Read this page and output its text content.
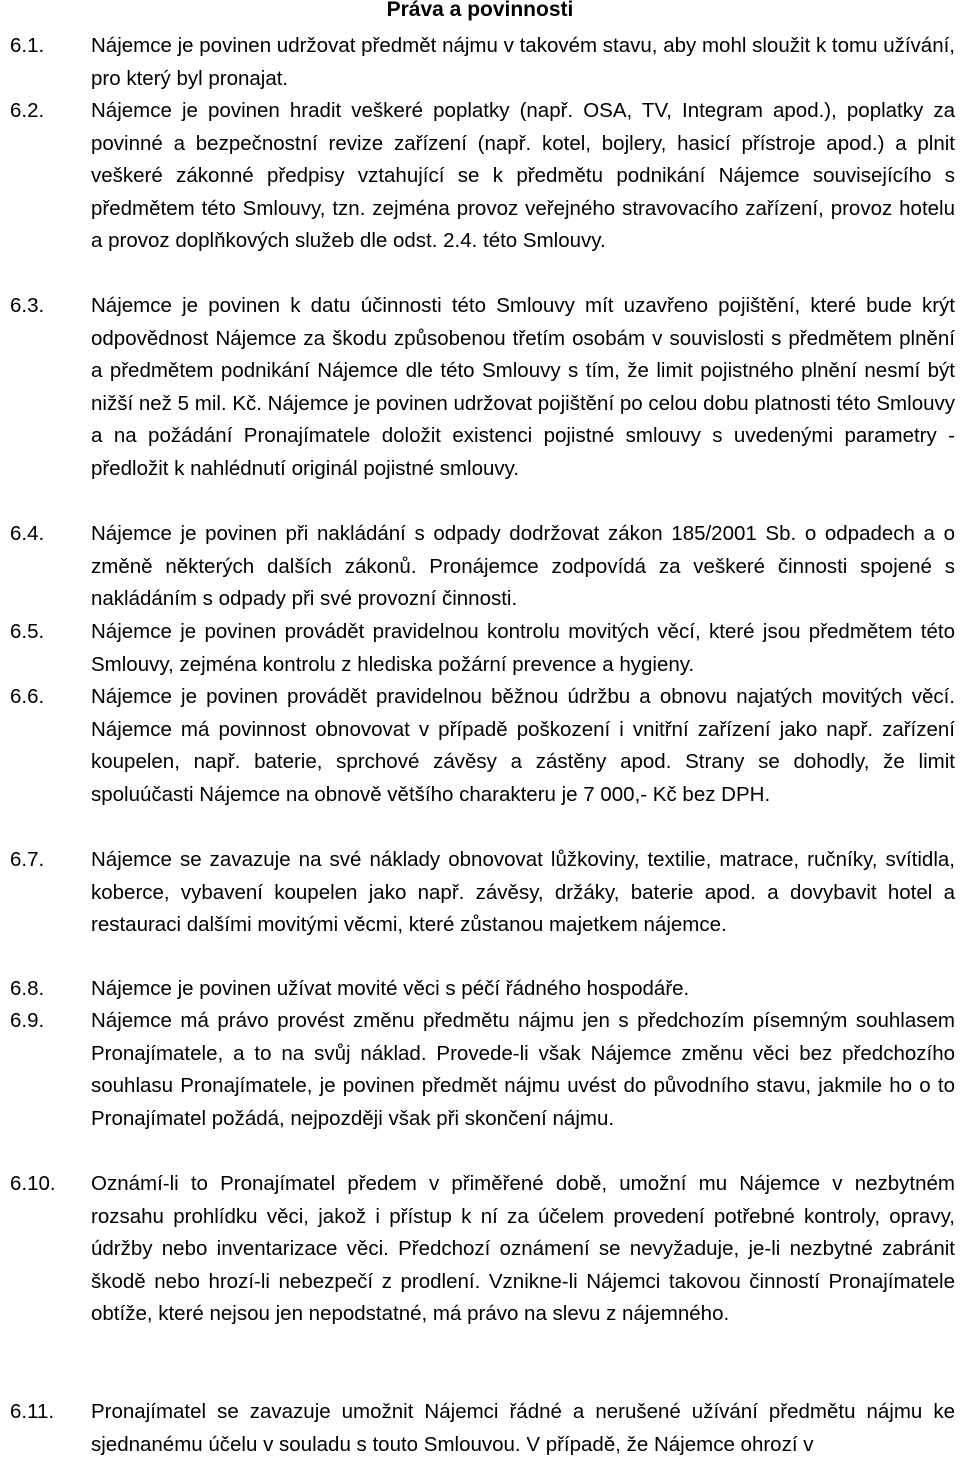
Práva a povinnosti
6.1. Nájemce je povinen udržovat předmět nájmu v takovém stavu, aby mohl sloužit k tomu užívání, pro který byl pronajat.
6.2. Nájemce je povinen hradit veškeré poplatky (např. OSA, TV, Integram apod.), poplatky za povinné a bezpečnostní revize zařízení (např. kotel, bojlery, hasicí přístroje apod.) a plnit veškeré zákonné předpisy vztahující se k předmětu podnikání Nájemce souvisejícího s předmětem této Smlouvy, tzn. zejména provoz veřejného stravovacího zařízení, provoz hotelu a provoz doplňkových služeb dle odst. 2.4. této Smlouvy.
6.3. Nájemce je povinen k datu účinnosti této Smlouvy mít uzavřeno pojištění, které bude krýt odpovědnost Nájemce za škodu způsobenou třetím osobám v souvislosti s předmětem plnění a předmětem podnikání Nájemce dle této Smlouvy s tím, že limit pojistného plnění nesmí být nižší než 5 mil. Kč. Nájemce je povinen udržovat pojištění po celou dobu platnosti této Smlouvy a na požádání Pronajímatele doložit existenci pojistné smlouvy s uvedenými parametry - předložit k nahlédnutí originál pojistné smlouvy.
6.4. Nájemce je povinen při nakládání s odpady dodržovat zákon 185/2001 Sb. o odpadech a o změně některých dalších zákonů. Pronájemce zodpovídá za veškeré činnosti spojené s nakládáním s odpady při své provozní činnosti.
6.5. Nájemce je povinen provádět pravidelnou kontrolu movitých věcí, které jsou předmětem této Smlouvy, zejména kontrolu z hlediska požární prevence a hygieny.
6.6. Nájemce je povinen provádět pravidelnou běžnou údržbu a obnovu najatých movitých věcí. Nájemce má povinnost obnovovat v případě poškození i vnitřní zařízení jako např. zařízení koupelen, např. baterie, sprchové závěsy a zástěny apod. Strany se dohodly, že limit spoluúčasti Nájemce na obnově většího charakteru je 7 000,- Kč bez DPH.
6.7. Nájemce se zavazuje na své náklady obnovovat lůžkoviny, textilie, matrace, ručníky, svítidla, koberce, vybavení koupelen jako např. závěsy, držáky, baterie apod. a dovybavit hotel a restauraci dalšími movitými věcmi, které zůstanou majetkem nájemce.
6.8. Nájemce je povinen užívat movité věci s péčí řádného hospodáře.
6.9. Nájemce má právo provést změnu předmětu nájmu jen s předchozím písemným souhlasem Pronajímatele, a to na svůj náklad. Provede-li však Nájemce změnu věci bez předchozího souhlasu Pronajímatele, je povinen předmět nájmu uvést do původního stavu, jakmile ho o to Pronajímatel požádá, nejpozději však při skončení nájmu.
6.10. Oznámí-li to Pronajímatel předem v přiměřené době, umožní mu Nájemce v nezbytném rozsahu prohlídku věci, jakož i přístup k ní za účelem provedení potřebné kontroly, opravy, údržby nebo inventarizace věci. Předchozí oznámení se nevyžaduje, je-li nezbytné zabránit škodě nebo hrozí-li nebezpečí z prodlení. Vznikne-li Nájemci takovou činností Pronajímatele obtíže, které nejsou jen nepodstatné, má právo na slevu z nájemného.
6.11. Pronajímatel se zavazuje umožnit Nájemci řádné a nerušené užívání předmětu nájmu ke sjednanému účelu v souladu s touto Smlouvou. V případě, že Nájemce ohrozí v
